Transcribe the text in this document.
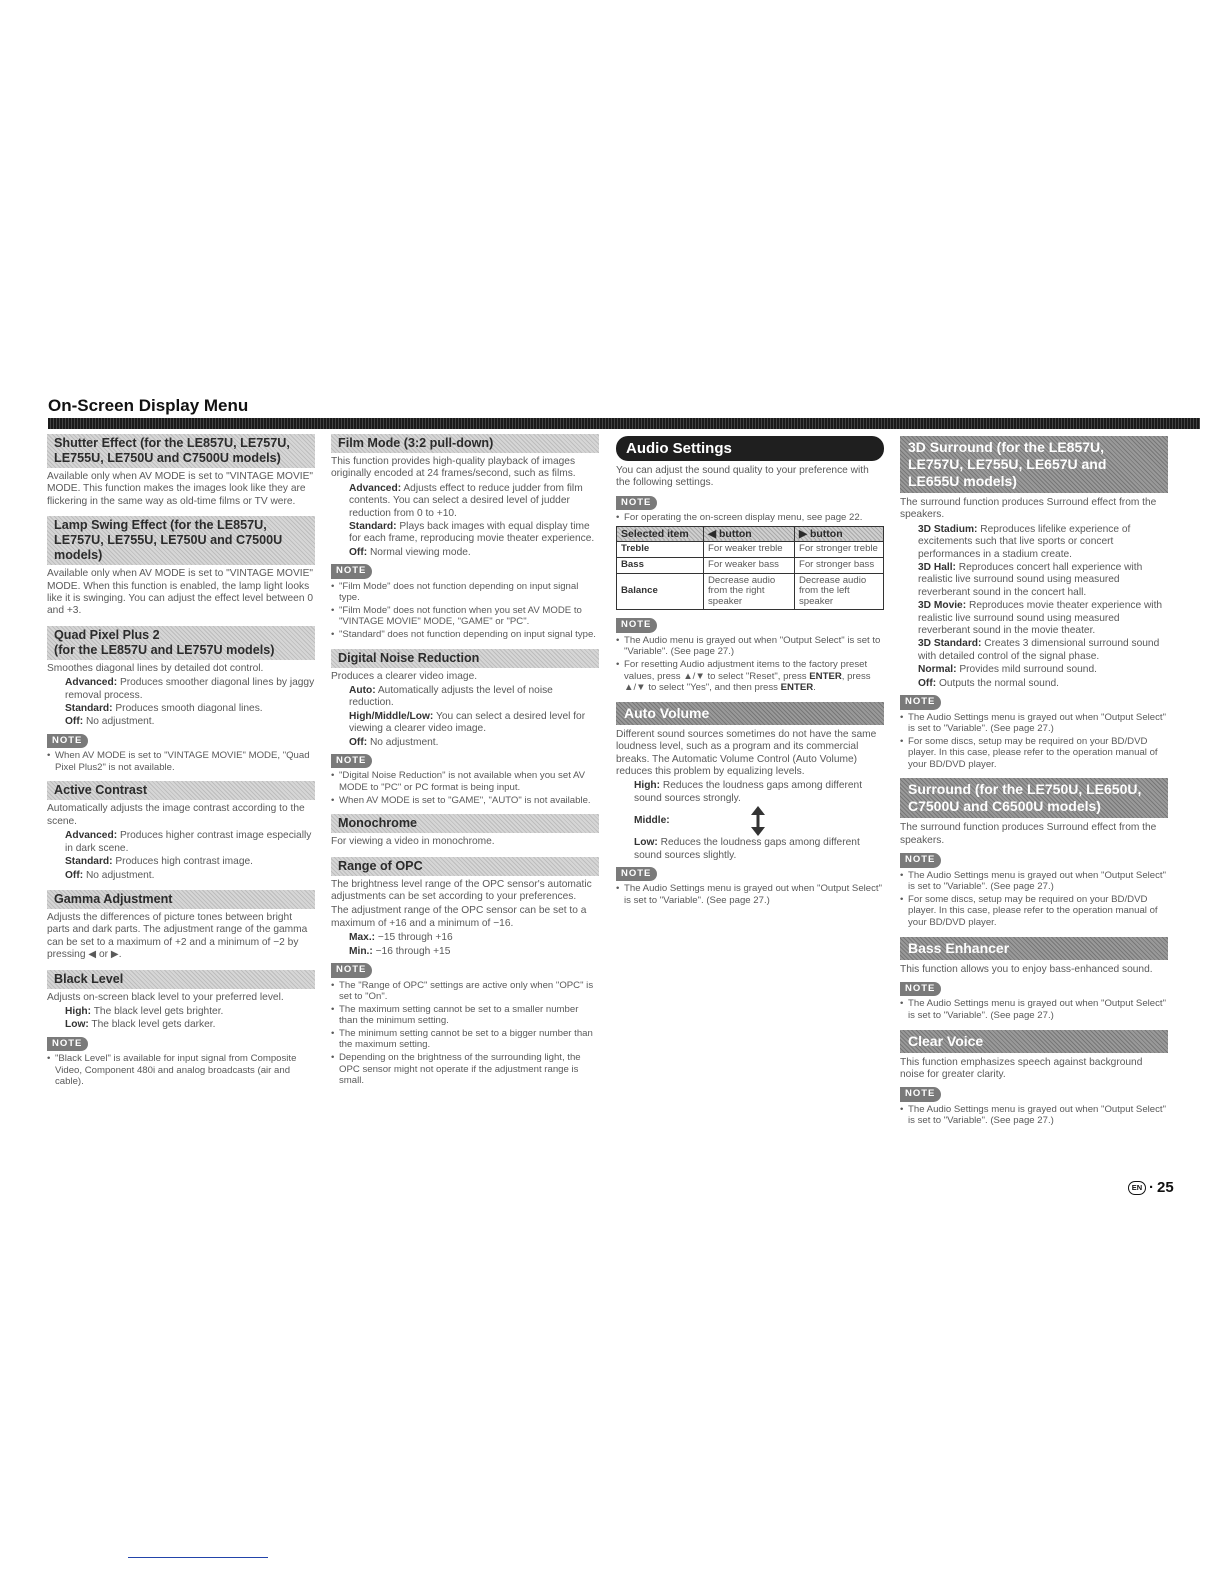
On-Screen Display Menu
Shutter Effect (for the LE857U, LE757U, LE755U, LE750U and C7500U models)

Available only when AV MODE is set to "VINTAGE MOVIE" MODE. This function makes the images look like they are flickering in the same way as old-time films or TV were.

Lamp Swing Effect (for the LE857U, LE757U, LE755U, LE750U and C7500U models)

Available only when AV MODE is set to "VINTAGE MOVIE" MODE. When this function is enabled, the lamp light looks like it is swinging. You can adjust the effect level between 0 and +3.

Quad Pixel Plus 2
(for the LE857U and LE757U models)

Smoothes diagonal lines by detailed dot control.

Advanced: Produces smoother diagonal lines by jaggy removal process.

Standard: Produces smooth diagonal lines.

Off: No adjustment.

NOTE
• When AV MODE is set to "VINTAGE MOVIE" MODE, "Quad Pixel Plus2" is not available.
Active Contrast

Automatically adjusts the image contrast according to the scene.

Advanced: Produces higher contrast image especially in dark scene.

Standard: Produces high contrast image.

Off: No adjustment.

Gamma Adjustment

Adjusts the differences of picture tones between bright parts and dark parts. The adjustment range of the gamma can be set to a maximum of +2 and a minimum of −2 by pressing ◀ or ▶.

Black Level

Adjusts on-screen black level to your preferred level.

High: The black level gets brighter.

Low: The black level gets darker.

NOTE
• "Black Level" is available for input signal from Composite Video, Component 480i and analog broadcasts (air and cable).
Film Mode (3:2 pull-down)

This function provides high-quality playback of images originally encoded at 24 frames/second, such as films.

Advanced: Adjusts effect to reduce judder from film contents. You can select a desired level of judder reduction from 0 to +10.

Standard: Plays back images with equal display time for each frame, reproducing movie theater experience.

Off: Normal viewing mode.

NOTE
• "Film Mode" does not function depending on input signal type.
• "Film Mode" does not function when you set AV MODE to "VINTAGE MOVIE" MODE, "GAME" or "PC".
• "Standard" does not function depending on input signal type.
Digital Noise Reduction

Produces a clearer video image.

Auto: Automatically adjusts the level of noise reduction.

High/Middle/Low: You can select a desired level for viewing a clearer video image.

Off: No adjustment.

NOTE
• "Digital Noise Reduction" is not available when you set AV MODE to "PC" or PC format is being input.
• When AV MODE is set to "GAME", "AUTO" is not available.
Monochrome

For viewing a video in monochrome.

Range of OPC

The brightness level range of the OPC sensor's automatic adjustments can be set according to your preferences.

The adjustment range of the OPC sensor can be set to a maximum of +16 and a minimum of −16.

Max.: −15 through +16

Min.: −16 through +15

NOTE
• The "Range of OPC" settings are active only when "OPC" is set to "On".
• The maximum setting cannot be set to a smaller number than the minimum setting.
• The minimum setting cannot be set to a bigger number than the maximum setting.
• Depending on the brightness of the surrounding light, the OPC sensor might not operate if the adjustment range is small.
Audio Settings

You can adjust the sound quality to your preference with the following settings.

NOTE
• For operating the on-screen display menu, see page 22.
Selected item	◀ button	▶ button
Treble	For weaker treble	For stronger treble
Bass	For weaker bass	For stronger bass
Balance	Decrease audio from the right speaker	Decrease audio from the left speaker
NOTE
• The Audio menu is grayed out when "Output Select" is set to "Variable". (See page 27.)
• For resetting Audio adjustment items to the factory preset values, press ▲/▼ to select "Reset", press ENTER, press ▲/▼ to select "Yes", and then press ENTER.
Auto Volume

Different sound sources sometimes do not have the same loudness level, such as a program and its commercial breaks. The Automatic Volume Control (Auto Volume) reduces this problem by equalizing levels.

High: Reduces the loudness gaps among different sound sources strongly.

Middle:

Low: Reduces the loudness gaps among different sound sources slightly.

NOTE
• The Audio Settings menu is grayed out when "Output Select" is set to "Variable". (See page 27.)
3D Surround (for the LE857U, LE757U, LE755U, LE657U and LE655U models)

The surround function produces Surround effect from the speakers.

3D Stadium: Reproduces lifelike experience of excitements such that live sports or concert performances in a stadium create.

3D Hall: Reproduces concert hall experience with realistic live surround sound using measured reverberant sound in the concert hall.

3D Movie: Reproduces movie theater experience with realistic live surround sound using measured reverberant sound in the movie theater.

3D Standard: Creates 3 dimensional surround sound with detailed control of the signal phase.

Normal: Provides mild surround sound.

Off: Outputs the normal sound.

NOTE
• The Audio Settings menu is grayed out when "Output Select" is set to "Variable". (See page 27.)
• For some discs, setup may be required on your BD/DVD player. In this case, please refer to the operation manual of your BD/DVD player.
Surround (for the LE750U, LE650U, C7500U and C6500U models)

The surround function produces Surround effect from the speakers.

NOTE
• The Audio Settings menu is grayed out when "Output Select" is set to "Variable". (See page 27.)
• For some discs, setup may be required on your BD/DVD player. In this case, please refer to the operation manual of your BD/DVD player.
Bass Enhancer

This function allows you to enjoy bass-enhanced sound.

NOTE
• The Audio Settings menu is grayed out when "Output Select" is set to "Variable". (See page 27.)
Clear Voice

This function emphasizes speech against background noise for greater clarity.

NOTE
• The Audio Settings menu is grayed out when "Output Select" is set to "Variable". (See page 27.)
EN · 25
